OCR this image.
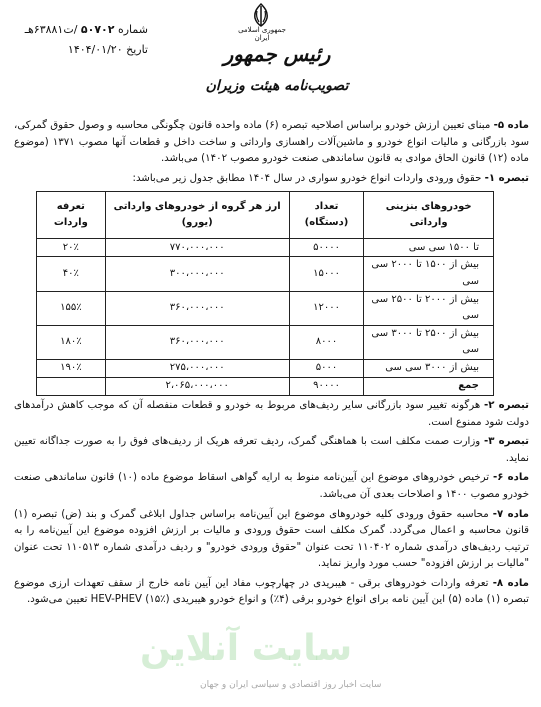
شماره ۵۰۷۰۲ /ت۶۳۸۸۱هـ
تاریخ ۱۴۰۴/۰۱/۲۰
جمهوری اسلامی ایران
رئیس جمهور
تصویب‌نامه هیئت وزیران

ماده ۵- مبنای تعیین ارزش خودرو براساس اصلاحیه تبصره (۶) ماده واحده قانون چگونگی محاسبه و وصول حقوق گمرکی، سود بازرگانی و مالیات انواع خودرو و ماشین‌آلات راهسازی وارداتی و ساخت داخل و قطعات آنها مصوب ۱۳۷۱ (موضوع ماده (۱۲) قانون الحاق موادی به قانون ساماندهی صنعت خودرو مصوب ۱۴۰۲) می‌باشد.

تبصره ۱- حقوق ورودی واردات انواع خودرو سواری در سال ۱۴۰۴ مطابق جدول زیر می‌باشد:

خودروهای بنزینی وارداتی	تعداد (دستگاه)	ارز هر گروه از خودروهای وارداتی (یورو)	تعرفه واردات
تا ۱۵۰۰ سی سی	۵۰۰۰۰	۷۷۰،۰۰۰،۰۰۰	۲۰٪
بیش از ۱۵۰۰ تا ۲۰۰۰ سی سی	۱۵۰۰۰	۳۰۰،۰۰۰،۰۰۰	۴۰٪
بیش از ۲۰۰۰ تا ۲۵۰۰ سی سی	۱۲۰۰۰	۳۶۰،۰۰۰،۰۰۰	۱۵۵٪
بیش از ۲۵۰۰ تا ۳۰۰۰ سی سی	۸۰۰۰	۳۶۰،۰۰۰،۰۰۰	۱۸۰٪
بیش از ۳۰۰۰ سی سی	۵۰۰۰	۲۷۵،۰۰۰،۰۰۰	۱۹۰٪
جمع	۹۰۰۰۰	۲،۰۶۵،۰۰۰،۰۰۰	

تبصره ۲- هرگونه تغییر سود بازرگانی سایر ردیف‌های مربوط به خودرو و قطعات منفصله آن که موجب کاهش درآمدهای دولت شود ممنوع است.

تبصره ۳- وزارت صمت مکلف است با هماهنگی گمرک، ردیف تعرفه هریک از ردیف‌های فوق را به صورت جداگانه تعیین نماید.

ماده ۶- ترخیص خودروهای موضوع این آیین‌نامه منوط به ارایه گواهی اسقاط موضوع ماده (۱۰) قانون ساماندهی صنعت خودرو مصوب ۱۴۰۰ و اصلاحات بعدی آن می‌باشد.

ماده ۷- محاسبه حقوق ورودی کلیه خودروهای موضوع این آیین‌نامه براساس جداول ابلاغی گمرک و بند (ض) تبصره (۱) قانون محاسبه و اعمال می‌گردد. گمرک مکلف است حقوق ورودی و مالیات بر ارزش افزوده موضوع این آیین‌نامه را به ترتیب ردیف‌های درآمدی شماره ۱۱۰۴۰۲ تحت عنوان "حقوق ورودی خودرو" و ردیف درآمدی شماره ۱۱۰۵۱۳ تحت عنوان "مالیات بر ارزش افزوده" حسب مورد واریز نماید.

ماده ۸- تعرفه واردات خودروهای برقی - هیبریدی در چهارچوب مفاد این آیین نامه خارج از سقف تعهدات ارزی موضوع تبصره (۱) ماده (۵) این آیین نامه برای انواع خودرو برقی (۴٪) و انواع خودرو هیبریدی HEV-PHEV (۱۵٪) تعیین می‌شود.

سایت آنلاین
سایت اخبار روز اقتصادی و سیاسی ایران و جهان
